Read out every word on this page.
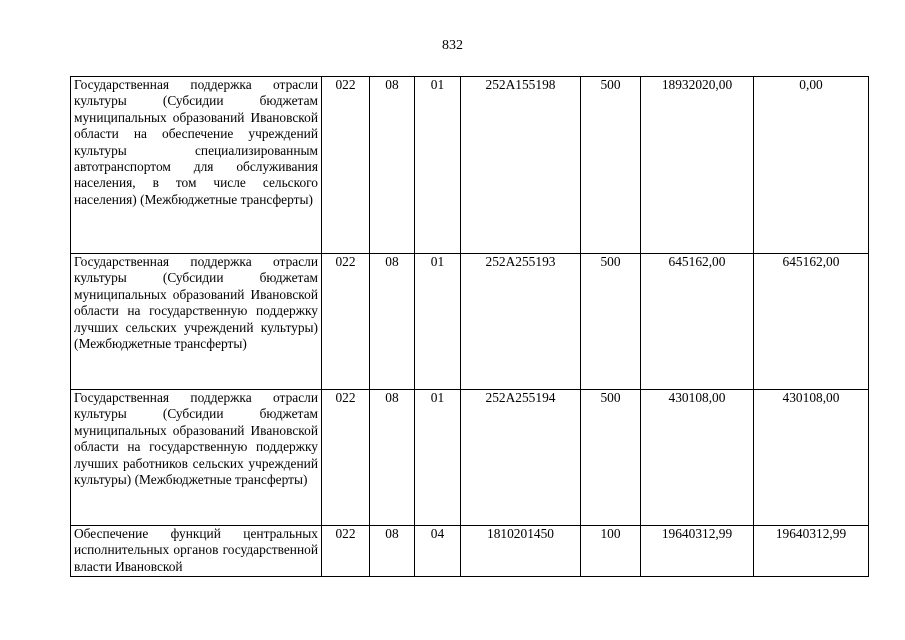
832
Государственная поддержка отрасли культуры (Субсидии бюджетам муниципальных образований Ивановской области на обеспечение учреждений культуры специализированным автотранспортом для обслуживания населения, в том числе сельского населения) (Межбюджетные трансферты)	022	08	01	252A155198	500	18932020,00	0,00
Государственная поддержка отрасли культуры (Субсидии бюджетам муниципальных образований Ивановской области на государственную поддержку лучших сельских учреждений культуры) (Межбюджетные трансферты)	022	08	01	252A255193	500	645162,00	645162,00
Государственная поддержка отрасли культуры (Субсидии бюджетам муниципальных образований Ивановской области на государственную поддержку лучших работников сельских учреждений культуры) (Межбюджетные трансферты)	022	08	01	252A255194	500	430108,00	430108,00
Обеспечение функций центральных исполнительных органов государственной власти Ивановской	022	08	04	1810201450	100	19640312,99	19640312,99
